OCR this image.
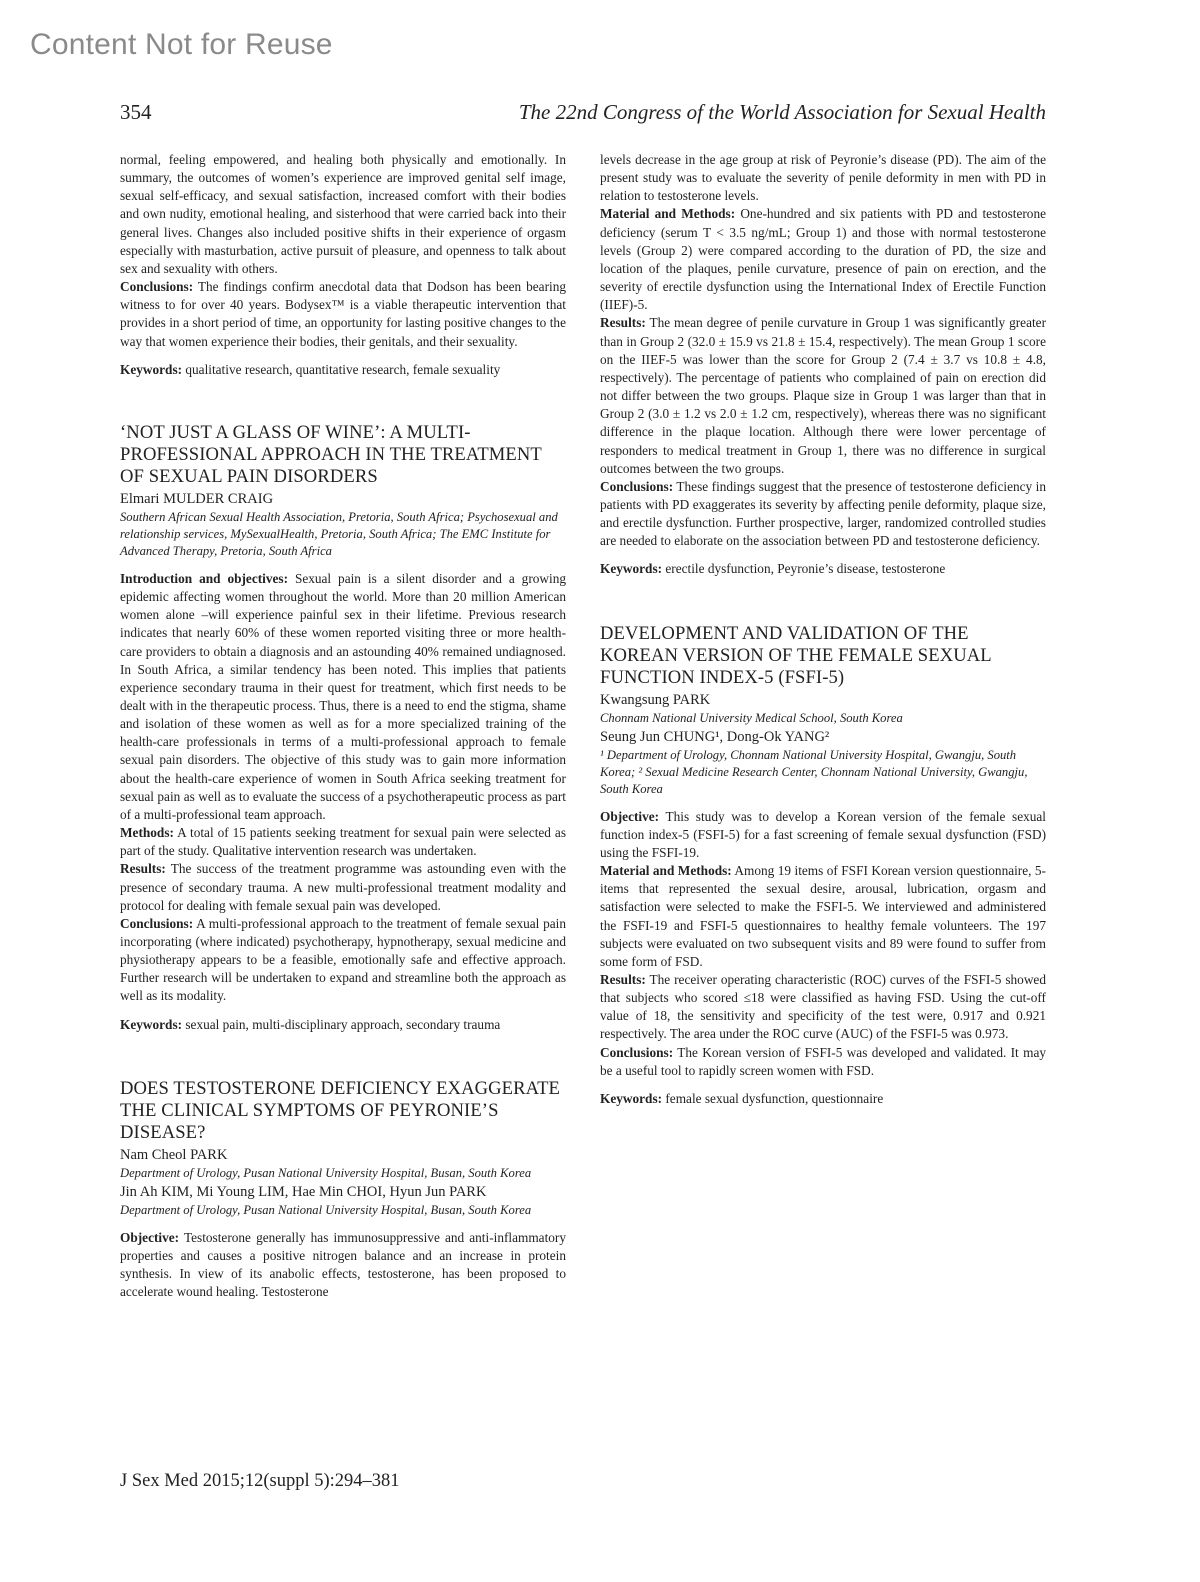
Content Not for Reuse
354	The 22nd Congress of the World Association for Sexual Health

normal, feeling empowered, and healing both physically and emotionally. In summary, the outcomes of women’s experience are improved genital self image, sexual self-efficacy, and sexual satisfaction, increased comfort with their bodies and own nudity, emotional healing, and sisterhood that were carried back into their general lives. Changes also included positive shifts in their experience of orgasm especially with masturbation, active pursuit of pleasure, and openness to talk about sex and sexuality with others.

Conclusions: The findings confirm anecdotal data that Dodson has been bearing witness to for over 40 years. Bodysex™ is a viable therapeutic intervention that provides in a short period of time, an opportunity for lasting positive changes to the way that women experience their bodies, their genitals, and their sexuality.

Keywords: qualitative research, quantitative research, female sexuality

‘NOT JUST A GLASS OF WINE’: A MULTI-PROFESSIONAL APPROACH IN THE TREATMENT OF SEXUAL PAIN DISORDERS

Elmari MULDER CRAIG

Southern African Sexual Health Association, Pretoria, South Africa; Psychosexual and relationship services, MySexualHealth, Pretoria, South Africa; The EMC Institute for Advanced Therapy, Pretoria, South Africa

Introduction and objectives: Sexual pain is a silent disorder and a growing epidemic affecting women throughout the world. More than 20 million American women alone –will experience painful sex in their lifetime. Previous research indicates that nearly 60% of these women reported visiting three or more health-care providers to obtain a diagnosis and an astounding 40% remained undiagnosed. In South Africa, a similar tendency has been noted. This implies that patients experience secondary trauma in their quest for treatment, which first needs to be dealt with in the therapeutic process. Thus, there is a need to end the stigma, shame and isolation of these women as well as for a more specialized training of the health-care professionals in terms of a multi-professional approach to female sexual pain disorders. The objective of this study was to gain more information about the health-care experience of women in South Africa seeking treatment for sexual pain as well as to evaluate the success of a psychotherapeutic process as part of a multi-professional team approach.

Methods: A total of 15 patients seeking treatment for sexual pain were selected as part of the study. Qualitative intervention research was undertaken.

Results: The success of the treatment programme was astounding even with the presence of secondary trauma. A new multi-professional treatment modality and protocol for dealing with female sexual pain was developed.

Conclusions: A multi-professional approach to the treatment of female sexual pain incorporating (where indicated) psychotherapy, hypnotherapy, sexual medicine and physiotherapy appears to be a feasible, emotionally safe and effective approach. Further research will be undertaken to expand and streamline both the approach as well as its modality.

Keywords: sexual pain, multi-disciplinary approach, secondary trauma

DOES TESTOSTERONE DEFICIENCY EXAGGERATE THE CLINICAL SYMPTOMS OF PEYRONIE’S DISEASE?

Nam Cheol PARK

Department of Urology, Pusan National University Hospital, Busan, South Korea

Jin Ah KIM, Mi Young LIM, Hae Min CHOI, Hyun Jun PARK

Department of Urology, Pusan National University Hospital, Busan, South Korea

Objective: Testosterone generally has immunosuppressive and anti-inflammatory properties and causes a positive nitrogen balance and an increase in protein synthesis. In view of its anabolic effects, testosterone, has been proposed to accelerate wound healing. Testosterone

levels decrease in the age group at risk of Peyronie’s disease (PD). The aim of the present study was to evaluate the severity of penile deformity in men with PD in relation to testosterone levels.

Material and Methods: One-hundred and six patients with PD and testosterone deficiency (serum T < 3.5 ng/mL; Group 1) and those with normal testosterone levels (Group 2) were compared according to the duration of PD, the size and location of the plaques, penile curvature, presence of pain on erection, and the severity of erectile dysfunction using the International Index of Erectile Function (IIEF)-5.

Results: The mean degree of penile curvature in Group 1 was significantly greater than in Group 2 (32.0 ± 15.9 vs 21.8 ± 15.4, respectively). The mean Group 1 score on the IIEF-5 was lower than the score for Group 2 (7.4 ± 3.7 vs 10.8 ± 4.8, respectively). The percentage of patients who complained of pain on erection did not differ between the two groups. Plaque size in Group 1 was larger than that in Group 2 (3.0 ± 1.2 vs 2.0 ± 1.2 cm, respectively), whereas there was no significant difference in the plaque location. Although there were lower percentage of responders to medical treatment in Group 1, there was no difference in surgical outcomes between the two groups.

Conclusions: These findings suggest that the presence of testosterone deficiency in patients with PD exaggerates its severity by affecting penile deformity, plaque size, and erectile dysfunction. Further prospective, larger, randomized controlled studies are needed to elaborate on the association between PD and testosterone deficiency.

Keywords: erectile dysfunction, Peyronie’s disease, testosterone

DEVELOPMENT AND VALIDATION OF THE KOREAN VERSION OF THE FEMALE SEXUAL FUNCTION INDEX-5 (FSFI-5)

Kwangsung PARK

Chonnam National University Medical School, South Korea

Seung Jun CHUNG¹, Dong-Ok YANG²

¹ Department of Urology, Chonnam National University Hospital, Gwangju, South Korea; ² Sexual Medicine Research Center, Chonnam National University, Gwangju, South Korea

Objective: This study was to develop a Korean version of the female sexual function index-5 (FSFI-5) for a fast screening of female sexual dysfunction (FSD) using the FSFI-19.

Material and Methods: Among 19 items of FSFI Korean version questionnaire, 5-items that represented the sexual desire, arousal, lubrication, orgasm and satisfaction were selected to make the FSFI-5. We interviewed and administered the FSFI-19 and FSFI-5 questionnaires to healthy female volunteers. The 197 subjects were evaluated on two subsequent visits and 89 were found to suffer from some form of FSD.

Results: The receiver operating characteristic (ROC) curves of the FSFI-5 showed that subjects who scored ≤18 were classified as having FSD. Using the cut-off value of 18, the sensitivity and specificity of the test were, 0.917 and 0.921 respectively. The area under the ROC curve (AUC) of the FSFI-5 was 0.973.

Conclusions: The Korean version of FSFI-5 was developed and validated. It may be a useful tool to rapidly screen women with FSD.

Keywords: female sexual dysfunction, questionnaire

J Sex Med 2015;12(suppl 5):294–381
